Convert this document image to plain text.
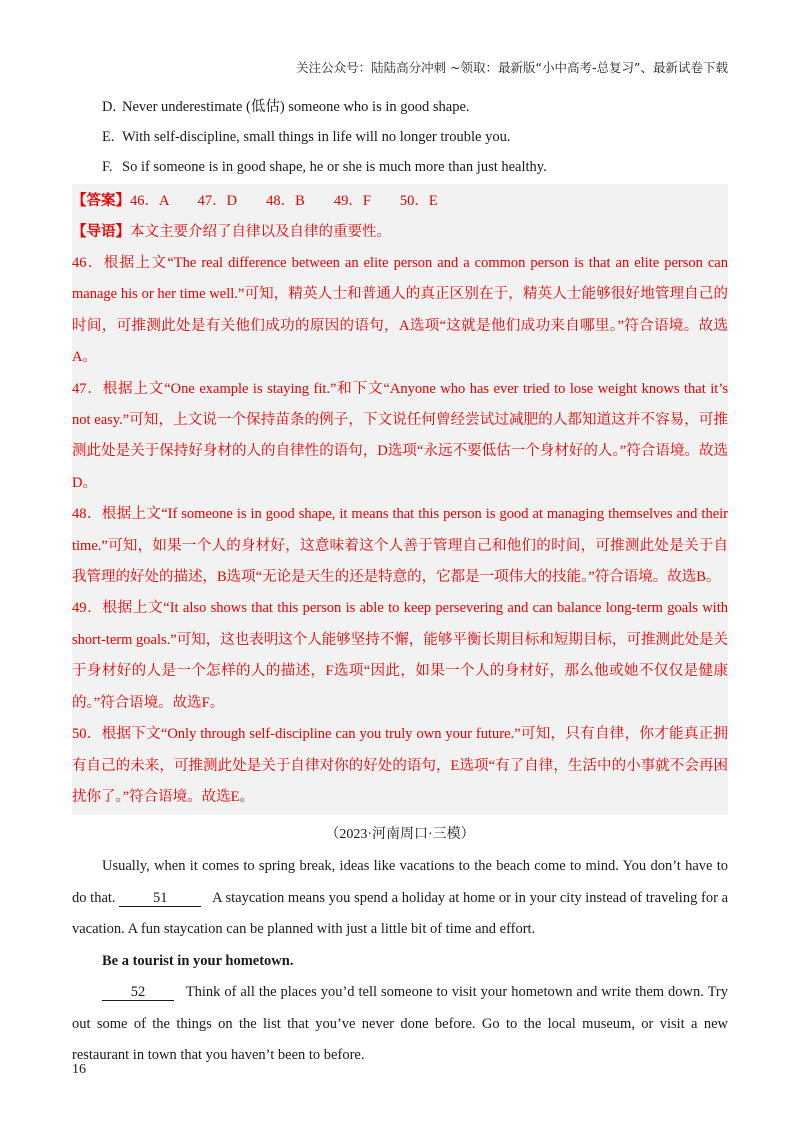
关注公众号：陆陆高分冲刺 ~领取：最新版“小中高考-总复习”、最新试卷下载
D. Never underestimate (低估) someone who is in good shape.
E. With self-discipline, small things in life will no longer trouble you.
F. So if someone is in good shape, he or she is much more than just healthy.
【答案】46．A　　47．D　　48．B　　49．F　　50．E
【导语】本文主要介绍了自律以及自律的重要性。
46．根据上文“The real difference between an elite person and a common person is that an elite person can manage his or her time well.”可知，精英人士和普通人的真正区别在于，精英人士能够很好地管理自己的时间，可推测此处是有关他们成功的原因的语句，A选项“这就是他们成功来自哪里。”符合语境。故选A。
47．根据上文“One example is staying fit.”和下文“Anyone who has ever tried to lose weight knows that it’s not easy.”可知，上文说一个保持苗条的例子，下文说任何曾经尝试过减肥的人都知道这并不容易，可推测此处是关于保持好身材的人的自律性的语句，D选项“永远不要低估一个身材好的人。”符合语境。故选D。
48．根据上文“If someone is in good shape, it means that this person is good at managing themselves and their time.”可知，如果一个人的身材好，这意味着这个人善于管理自己和他们的时间，可推测此处是关于自我管理的好处的描述，B选项“无论是天生的还是特意的，它都是一项伟大的技能。”符合语境。故选B。
49．根据上文“It also shows that this person is able to keep persevering and can balance long-term goals with short-term goals.”可知，这也表明这个人能够坚持不懈，能够平衡长期目标和短期目标，可推测此处是关于身材好的人是一个怎样的人的描述，F选项“因此，如果一个人的身材好，那么他或她不仅仅是健康的。”符合语境。故选F。
50．根据下文“Only through self-discipline can you truly own your future.”可知，只有自律，你才能真正拥有自己的未来，可推测此处是关于自律对你的好处的语句，E选项“有了自律，生活中的小事就不会再困扰你了。”符合语境。故选E。
（2023·河南周口·三模）
Usually, when it comes to spring break, ideas like vacations to the beach come to mind. You don’t have to do that.	51	A staycation means you spend a holiday at home or in your city instead of traveling for a vacation. A fun staycation can be planned with just a little bit of time and effort.
Be a tourist in your hometown.
52	Think of all the places you’d tell someone to visit your hometown and write them down. Try out some of the things on the list that you’ve never done before. Go to the local museum, or visit a new restaurant in town that you haven’t been to before.
16
